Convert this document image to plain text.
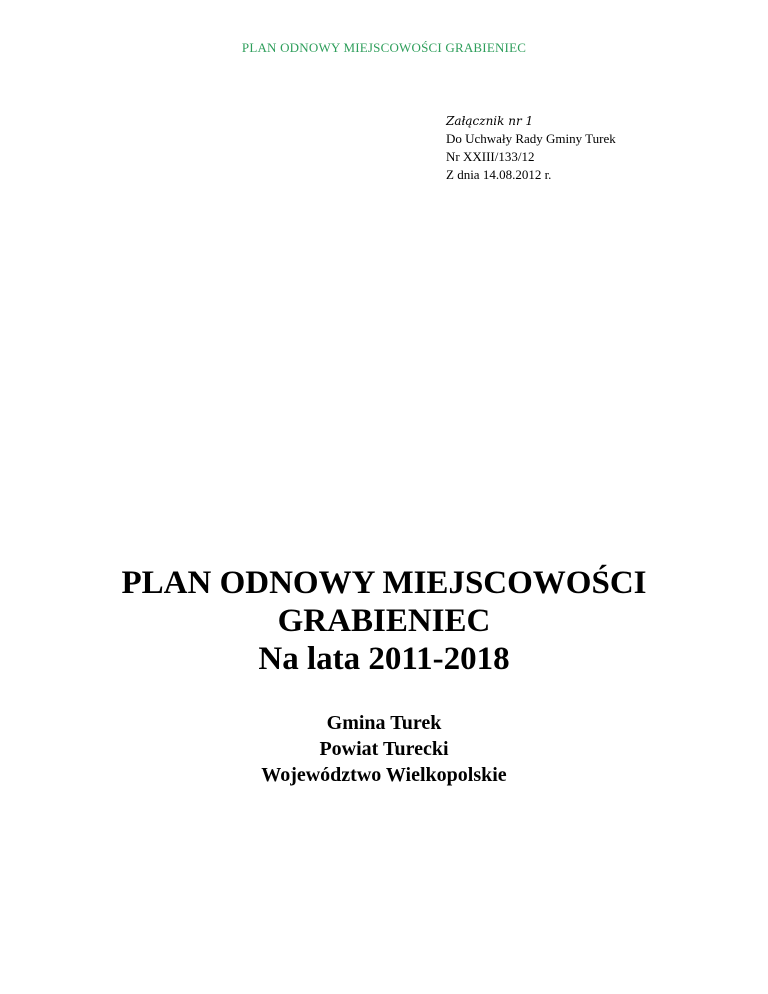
PLAN ODNOWY MIEJSCOWOŚCI GRABIENIEC
Załącznik nr 1
Do Uchwały Rady Gminy Turek
Nr XXIII/133/12
Z dnia 14.08.2012 r.
PLAN ODNOWY MIEJSCOWOŚCI
GRABIENIEC
Na lata 2011-2018
Gmina Turek
Powiat Turecki
Województwo Wielkopolskie
